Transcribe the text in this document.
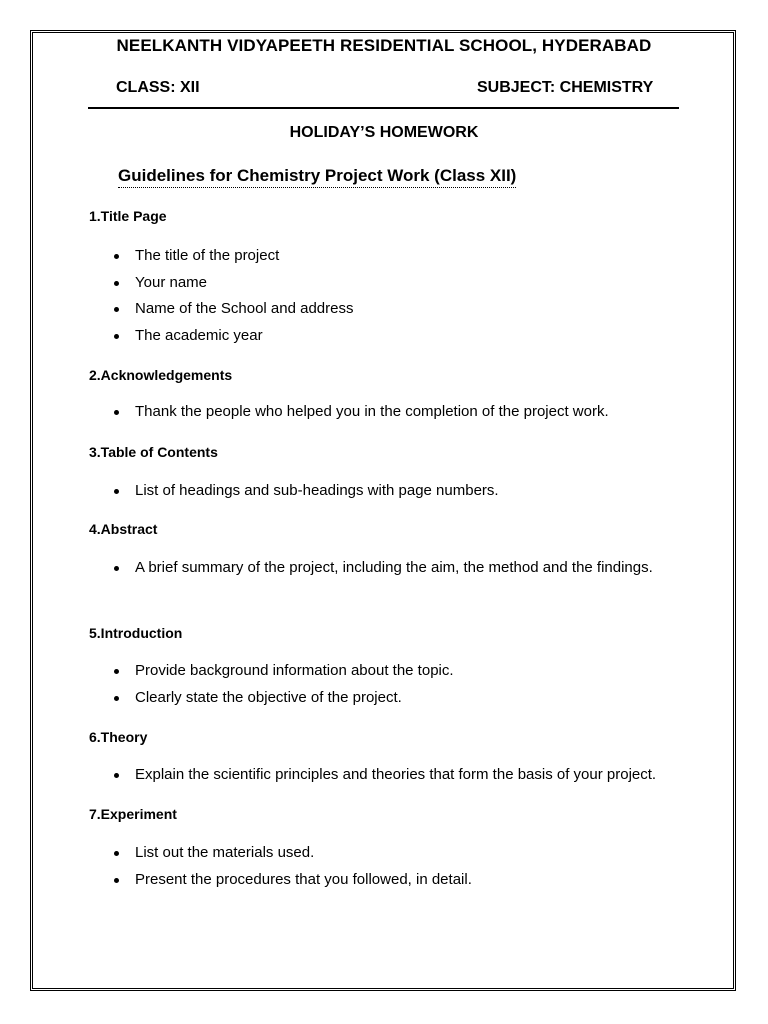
NEELKANTH VIDYAPEETH RESIDENTIAL SCHOOL, HYDERABAD
CLASS: XII	SUBJECT: CHEMISTRY
HOLIDAY’S HOMEWORK
Guidelines for Chemistry Project Work (Class XII)
1.Title Page
The title of the project
Your name
Name of the School and address
The academic year
2.Acknowledgements
Thank the people who helped you in the completion of the project work.
3.Table of Contents
List of headings and sub-headings with page numbers.
4.Abstract
A brief summary of the project, including the aim, the method and the findings.
5.Introduction
Provide background information about the topic.
Clearly state the objective of the project.
6.Theory
Explain the scientific principles and theories that form the basis of your project.
7.Experiment
List out the materials used.
Present the procedures that you followed, in detail.
